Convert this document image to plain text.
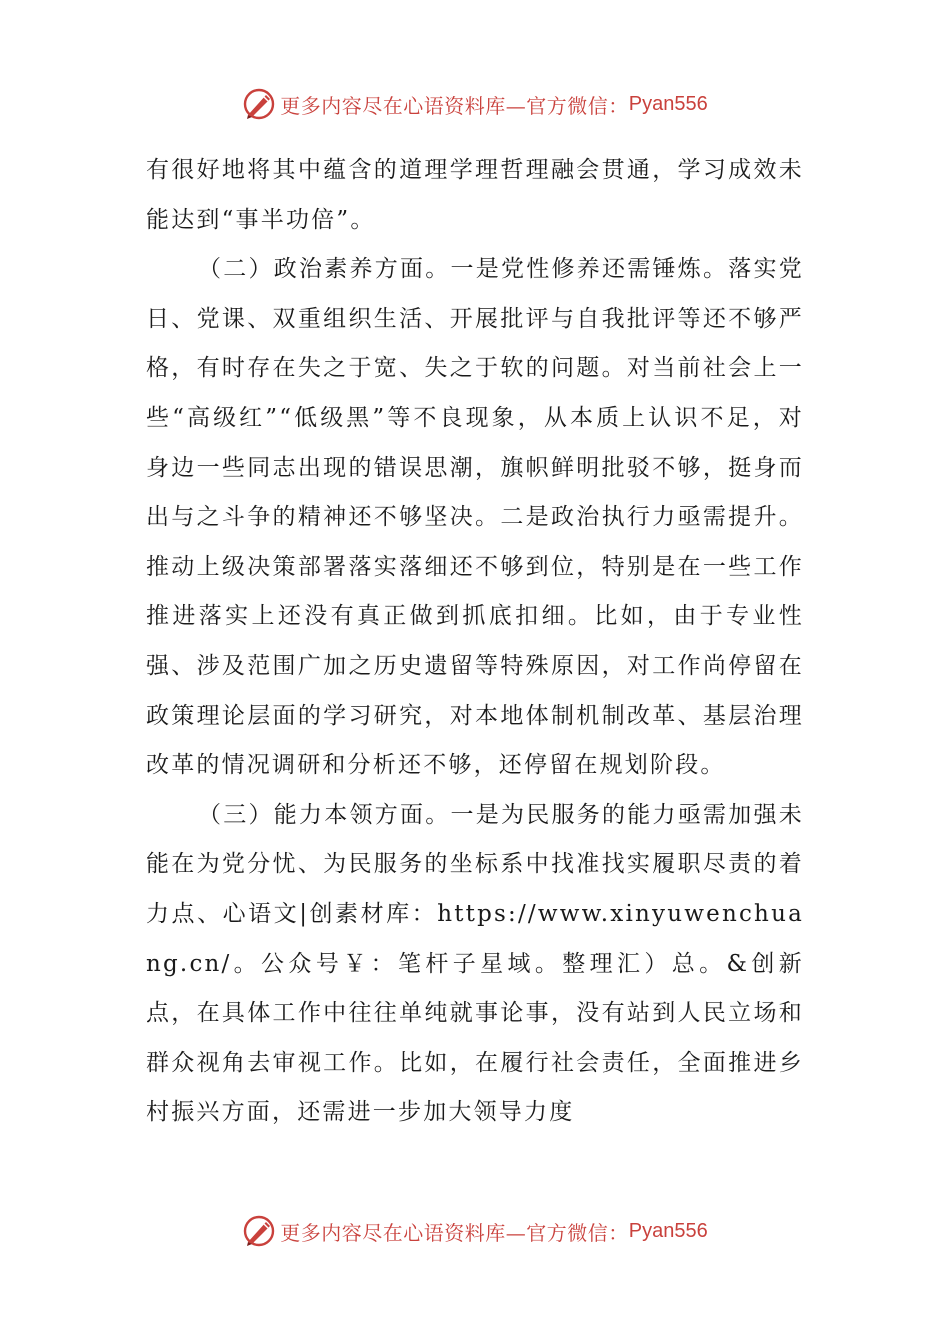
更多内容尽在心语资料库— 官方微信： Pyan556

有很好地将其中蕴含的道理学理哲理融会贯通，学习成效未能达到“事半功倍”。

（二）政治素养方面。一是党性修养还需锤炼。落实党日、党课、双重组织生活、开展批评与自我批评等还不够严格，有时存在失之于宽、失之于软的问题。对当前社会上一些“高级红”“低级黑”等不良现象，从本质上认识不足，对身边一些同志出现的错误思潮，旗帜鲜明批驳不够，挺身而出与之斗争的精神还不够坚决。二是政治执行力亟需提升。推动上级决策部署落实落细还不够到位，特别是在一些工作推进落实上还没有真正做到抓底扣细。比如，由于专业性强、涉及范围广加之历史遗留等特殊原因，对工作尚停留在政策理论层面的学习研究，对本地体制机制改革、基层治理改革的情况调研和分析还不够，还停留在规划阶段。

（三）能力本领方面。一是为民服务的能力亟需加强未能在为党分忧、为民服务的坐标系中找准找实履职尽责的着力点、心语文|创素材库：https://www.xinyuwenchuang.cn/。公众号￥：笔杆子星域。整理汇）总。&创新点，在具体工作中往往单纯就事论事，没有站到人民立场和群众视角去审视工作。比如，在履行社会责任，全面推进乡村振兴方面，还需进一步加大领导力度

更多内容尽在心语资料库— 官方微信： Pyan556
